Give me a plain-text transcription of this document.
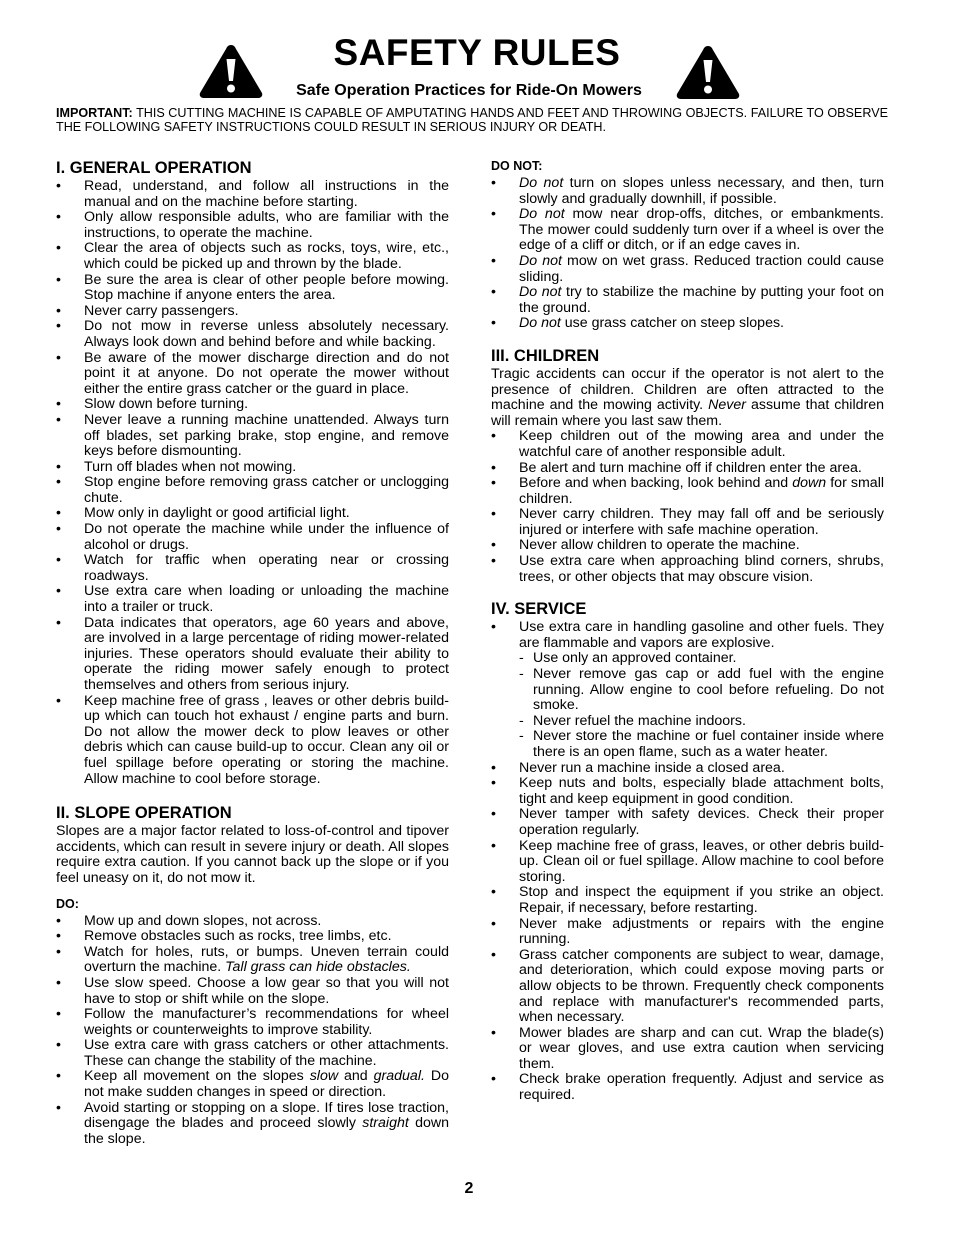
SAFETY RULES
Safe Operation Practices for Ride-On Mowers
IMPORTANT: THIS CUTTING MACHINE IS CAPABLE OF AMPUTATING HANDS AND FEET AND THROWING OBJECTS. FAILURE TO OBSERVE THE FOLLOWING SAFETY INSTRUCTIONS COULD RESULT IN SERIOUS INJURY OR DEATH.
I. GENERAL OPERATION
• Read, understand, and follow all instructions in the manual and on the machine before starting.
• Only allow responsible adults, who are familiar with the instructions, to operate the machine.
• Clear the area of objects such as rocks, toys, wire, etc., which could be picked up and thrown by the blade.
• Be sure the area is clear of other people before mowing. Stop machine if anyone enters the area.
• Never carry passengers.
• Do not mow in reverse unless absolutely necessary. Always look down and behind before and while backing.
• Be aware of the mower discharge direction and do not point it at anyone. Do not operate the mower without either the entire grass catcher or the guard in place.
• Slow down before turning.
• Never leave a running machine unattended. Always turn off blades, set parking brake, stop engine, and remove keys before dismounting.
• Turn off blades when not mowing.
• Stop engine before removing grass catcher or unclogging chute.
• Mow only in daylight or good artificial light.
• Do not operate the machine while under the influence of alcohol or drugs.
• Watch for traffic when operating near or crossing roadways.
• Use extra care when loading or unloading the machine into a trailer or truck.
• Data indicates that operators, age 60 years and above, are involved in a large percentage of riding mower-related injuries. These operators should evaluate their ability to operate the riding mower safely enough to protect themselves and others from serious injury.
• Keep machine free of grass , leaves or other debris build-up which can touch hot exhaust / engine parts and burn. Do not allow the mower deck to plow leaves or other debris which can cause build-up to occur. Clean any oil or fuel spillage before operating or storing the machine. Allow machine to cool before storage.
II. SLOPE OPERATION

Slopes are a major factor related to loss-of-control and tipover accidents, which can result in severe injury or death. All slopes require extra caution. If you cannot back up the slope or if you feel uneasy on it, do not mow it.

DO:
• Mow up and down slopes, not across.
• Remove obstacles such as rocks, tree limbs, etc.
• Watch for holes, ruts, or bumps. Uneven terrain could overturn the machine. Tall grass can hide obstacles.
• Use slow speed. Choose a low gear so that you will not have to stop or shift while on the slope.
• Follow the manufacturer’s recommendations for wheel weights or counterweights to improve stability.
• Use extra care with grass catchers or other attachments. These can change the stability of the machine.
• Keep all movement on the slopes slow and gradual. Do not make sudden changes in speed or direction.
• Avoid starting or stopping on a slope. If tires lose traction, disengage the blades and proceed slowly straight down the slope.
DO NOT:
• Do not turn on slopes unless necessary, and then, turn slowly and gradually downhill, if possible.
• Do not mow near drop-offs, ditches, or embankments. The mower could suddenly turn over if a wheel is over the edge of a cliff or ditch, or if an edge caves in.
• Do not mow on wet grass. Reduced traction could cause sliding.
• Do not try to stabilize the machine by putting your foot on the ground.
• Do not use grass catcher on steep slopes.
III. CHILDREN

Tragic accidents can occur if the operator is not alert to the presence of children. Children are often attracted to the machine and the mowing activity. Never assume that children will remain where you last saw them.

• Keep children out of the mowing area and under the watchful care of another responsible adult.
• Be alert and turn machine off if children enter the area.
• Before and when backing, look behind and down for small children.
• Never carry children. They may fall off and be seriously injured or interfere with safe machine operation.
• Never allow children to operate the machine.
• Use extra care when approaching blind corners, shrubs, trees, or other objects that may obscure vision.
IV. SERVICE
• Use extra care in handling gasoline and other fuels. They are flammable and vapors are explosive.
- Use only an approved container.
- Never remove gas cap or add fuel with the engine running. Allow engine to cool before refueling. Do not smoke.
- Never refuel the machine indoors.
- Never store the machine or fuel container inside where there is an open flame, such as a water heater.
• Never run a machine inside a closed area.
• Keep nuts and bolts, especially blade attachment bolts, tight and keep equipment in good condition.
• Never tamper with safety devices. Check their proper operation regularly.
• Keep machine free of grass, leaves, or other debris build-up. Clean oil or fuel spillage. Allow machine to cool before storing.
• Stop and inspect the equipment if you strike an object. Repair, if necessary, before restarting.
• Never make adjustments or repairs with the engine running.
• Grass catcher components are subject to wear, damage, and deterioration, which could expose moving parts or allow objects to be thrown. Frequently check components and replace with manufacturer's recommended parts, when necessary.
• Mower blades are sharp and can cut. Wrap the blade(s) or wear gloves, and use extra caution when servicing them.
• Check brake operation frequently. Adjust and service as required.
2
